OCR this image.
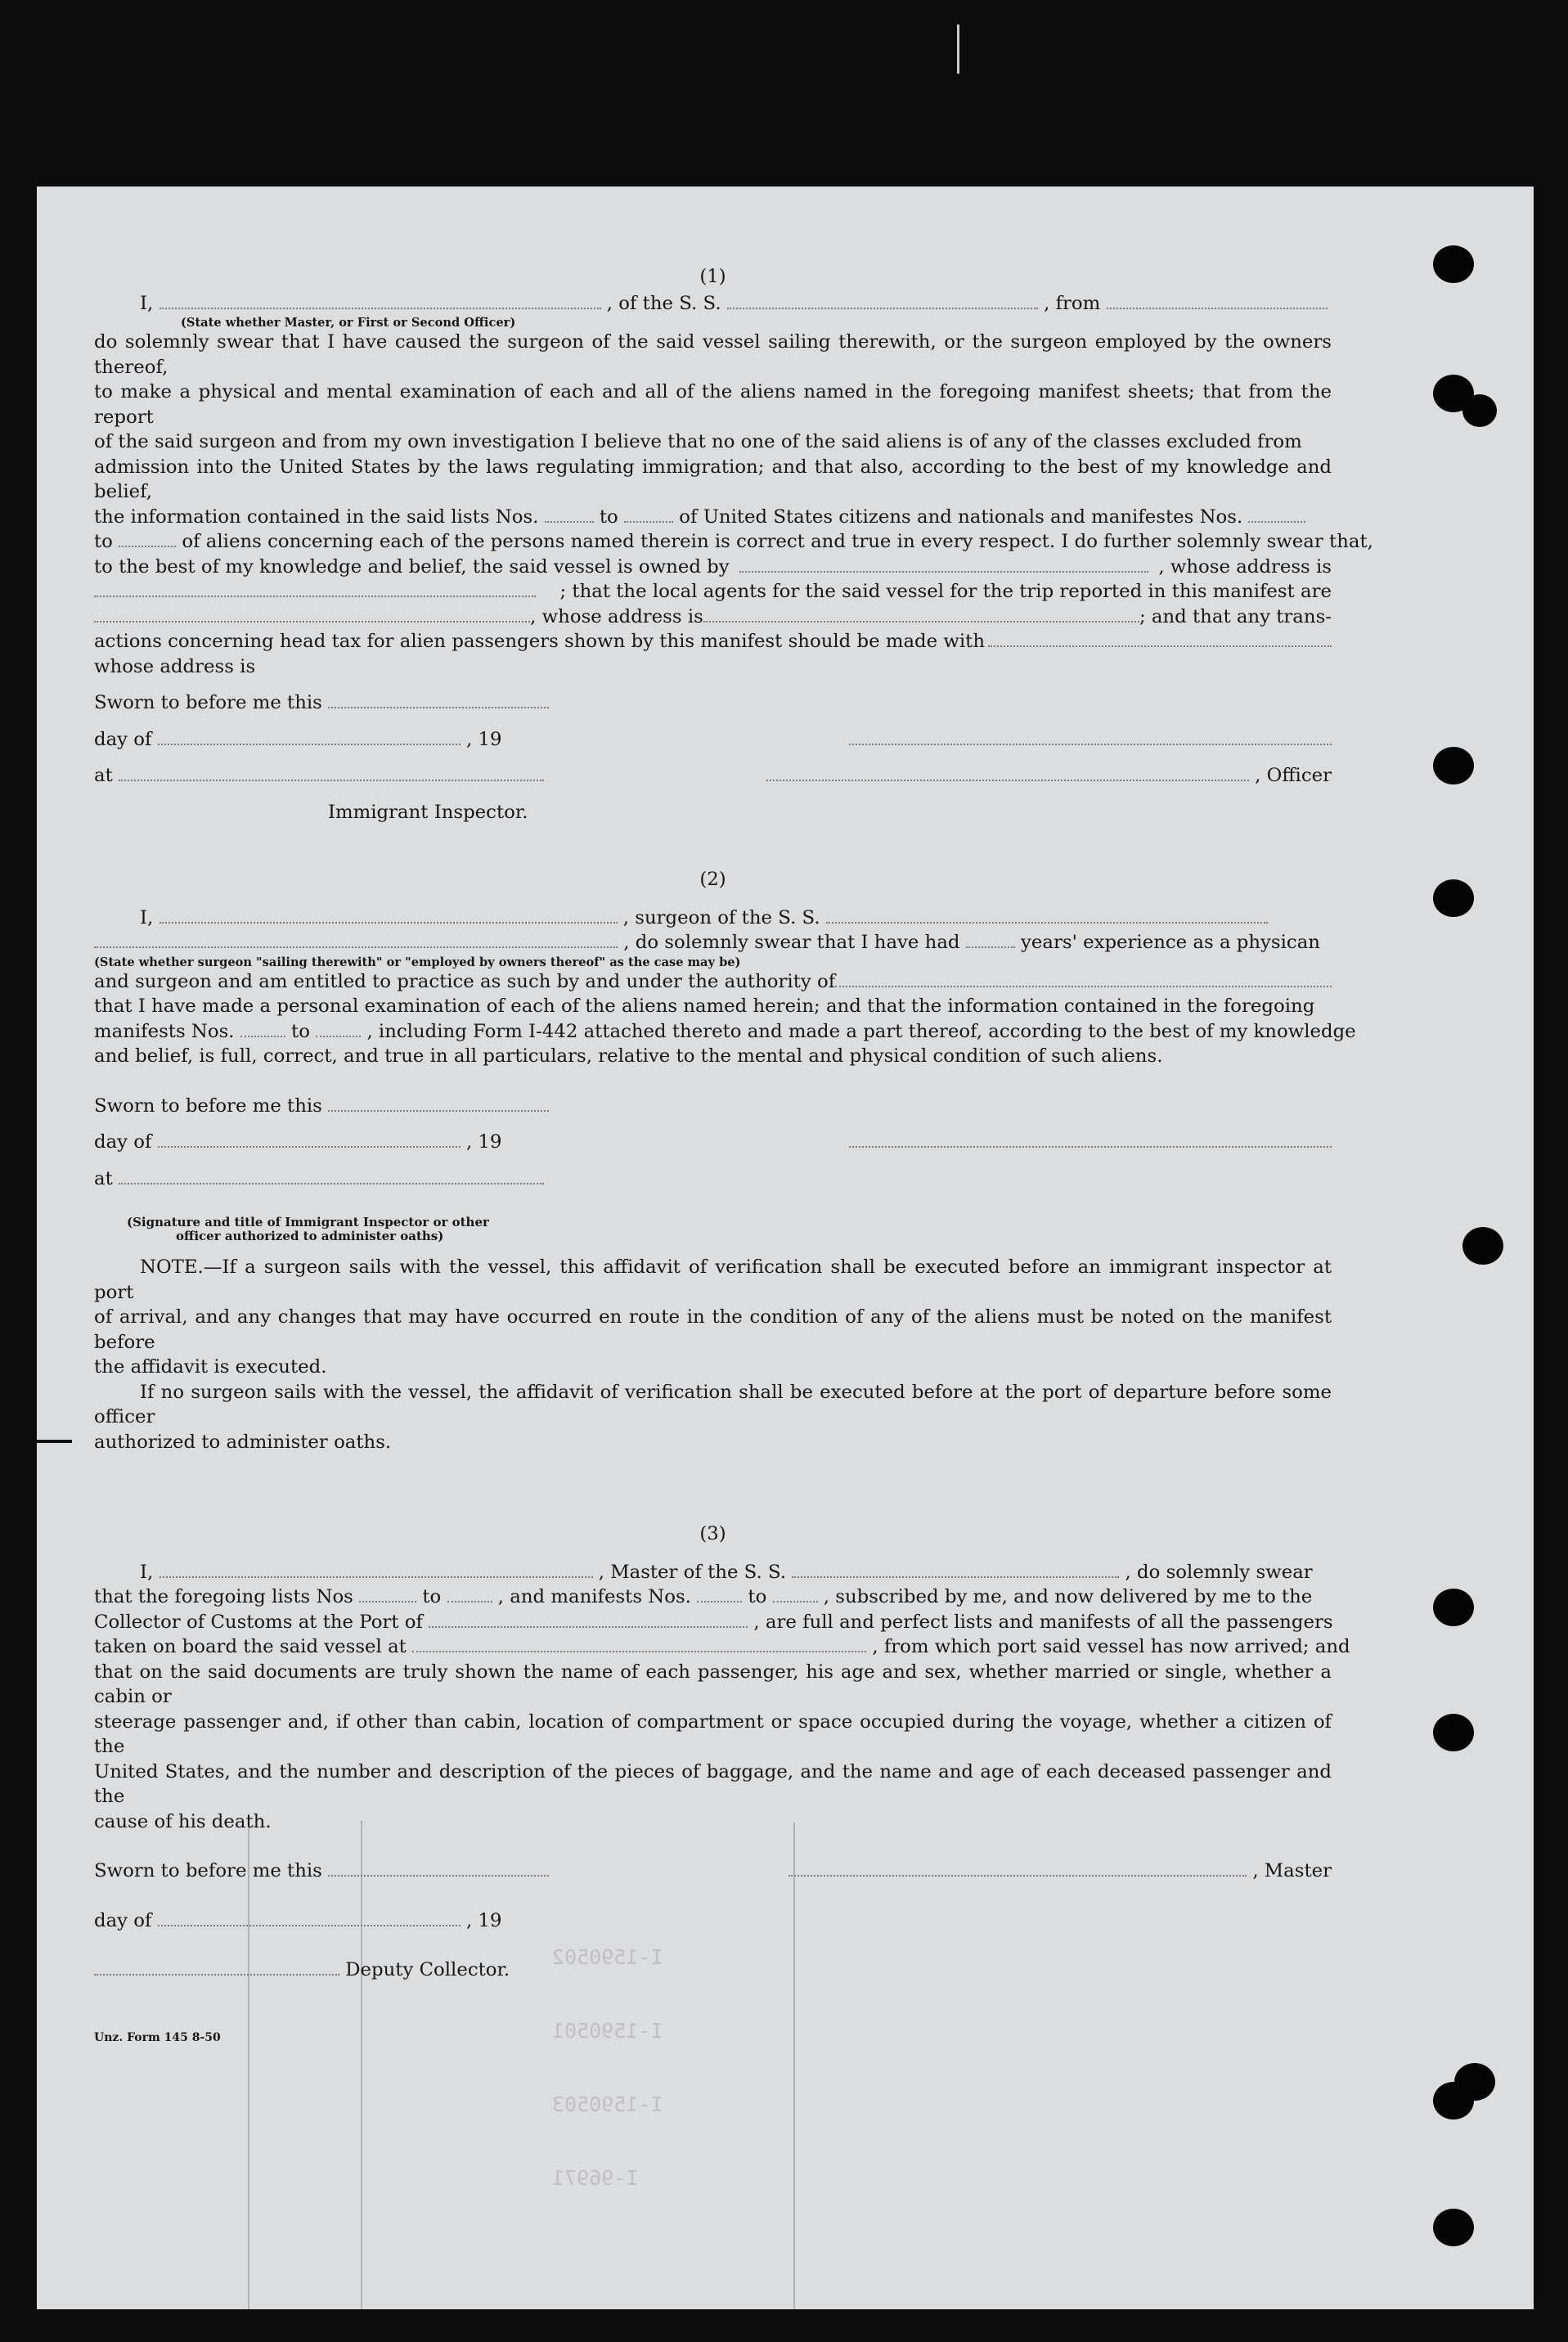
I-1590502
I-1590501
I-1590503
I-96971
(1)
I,	, of the S. S.	, from
(State whether Master, or First or Second Officer)

do solemnly swear that I have caused the surgeon of the said vessel sailing therewith, or the surgeon employed by the owners thereof,

to make a physical and mental examination of each and all of the aliens named in the foregoing manifest sheets; that from the report

of the said surgeon and from my own investigation I believe that no one of the said aliens is of any of the classes excluded from

admission into the United States by the laws regulating immigration; and that also, according to the best of my knowledge and belief,

the information contained in the said lists Nos.	to	of United States citizens and nationals and manifestes Nos.
to	of aliens concerning each of the persons named therein is correct and true in every respect. I do further solemnly swear that,
to the best of my knowledge and belief, the said vessel is owned by	, whose address is
; that the local agents for the said vessel for the trip reported in this manifest are
, whose address is	; and that any trans-
actions concerning head tax for alien passengers shown by this manifest should be made with
whose address is
Sworn to before me this
day of	, 19
at	, Officer
Immigrant Inspector.
(2)
I,	, surgeon of the S. S.
, do solemnly swear that I have had	years' experience as a physican
(State whether surgeon "sailing therewith" or "employed by owners thereof" as the case may be)
and surgeon and am entitled to practice as such by and under the authority of

that I have made a personal examination of each of the aliens named herein; and that the information contained in the foregoing

manifests Nos.	to	, including Form I-442 attached thereto and made a part thereof, according to the best of my knowledge
and belief, is full, correct, and true in all particulars, relative to the mental and physical condition of such aliens.
Sworn to before me this
day of	, 19
at
(Signature and title of Immigrant Inspector or other
officer authorized to administer oaths)

NOTE.—If a surgeon sails with the vessel, this affidavit of verification shall be executed before an immigrant inspector at port

of arrival, and any changes that may have occurred en route in the condition of any of the aliens must be noted on the manifest before

the affidavit is executed.

If no surgeon sails with the vessel, the affidavit of verification shall be executed before at the port of departure before some officer

authorized to administer oaths.

(3)
I,	, Master of the S. S.	, do solemnly swear
that the foregoing lists Nos	to	, and manifests Nos.	to	, subscribed by me, and now delivered by me to the
Collector of Customs at the Port of	, are full and perfect lists and manifests of all the passengers
taken on board the said vessel at	, from which port said vessel has now arrived; and

that on the said documents are truly shown the name of each passenger, his age and sex, whether married or single, whether a cabin or

steerage passenger and, if other than cabin, location of compartment or space occupied during the voyage, whether a citizen of the

United States, and the number and description of the pieces of baggage, and the name and age of each deceased passenger and the

cause of his death.

Sworn to before me this	, Master
day of	, 19
Deputy Collector.
Unz. Form 145 8-50
